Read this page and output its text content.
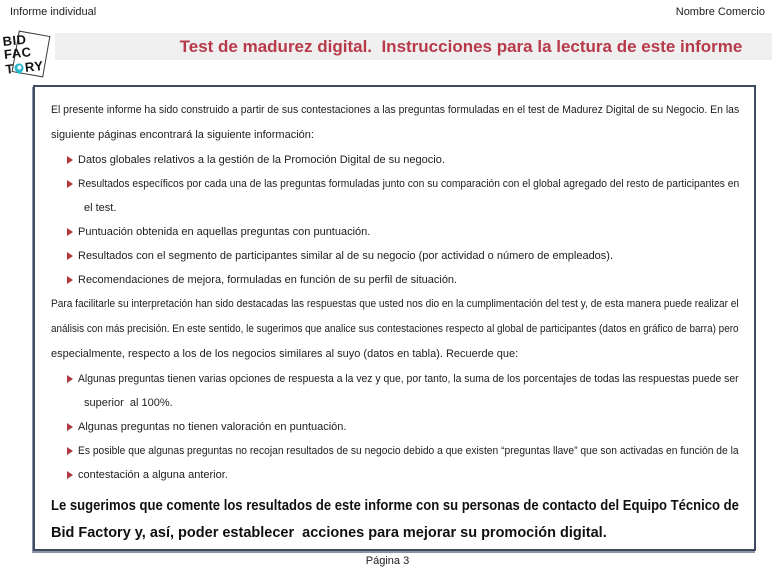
Informe individual	Nombre Comercio
BID
FAC
T RY
Test de madurez digital.  Instrucciones para la lectura de este informe
El presente informe ha sido construido a partir de sus contestaciones a las preguntas formuladas en el test de Madurez Digital de su Negocio. En las
siguiente páginas encontrará la siguiente información:
Datos globales relativos a la gestión de la Promoción Digital de su negocio.
Resultados específicos por cada una de las preguntas formuladas junto con su comparación con el global agregado del resto de participantes en
el test.
Puntuación obtenida en aquellas preguntas con puntuación.
Resultados con el segmento de participantes similar al de su negocio (por actividad o número de empleados).
Recomendaciones de mejora, formuladas en función de su perfil de situación.
Para facilitarle su interpretación han sido destacadas las respuestas que usted nos dio en la cumplimentación del test y, de esta manera puede realizar el
análisis con más precisión. En este sentido, le sugerimos que analice sus contestaciones respecto al global de participantes (datos en gráfico de barra) pero
especialmente, respecto a los de los negocios similares al suyo (datos en tabla). Recuerde que:
Algunas preguntas tienen varias opciones de respuesta a la vez y que, por tanto, la suma de los porcentajes de todas las respuestas puede ser
superior  al 100%.
Algunas preguntas no tienen valoración en puntuación.
Es posible que algunas preguntas no recojan resultados de su negocio debido a que existen “preguntas llave” que son activadas en función de la
contestación a alguna anterior.
Le sugerimos que comente los resultados de este informe con su personas de contacto del Equipo Técnico de
Bid Factory y, así, poder establecer  acciones para mejorar su promoción digital.
Página 3
